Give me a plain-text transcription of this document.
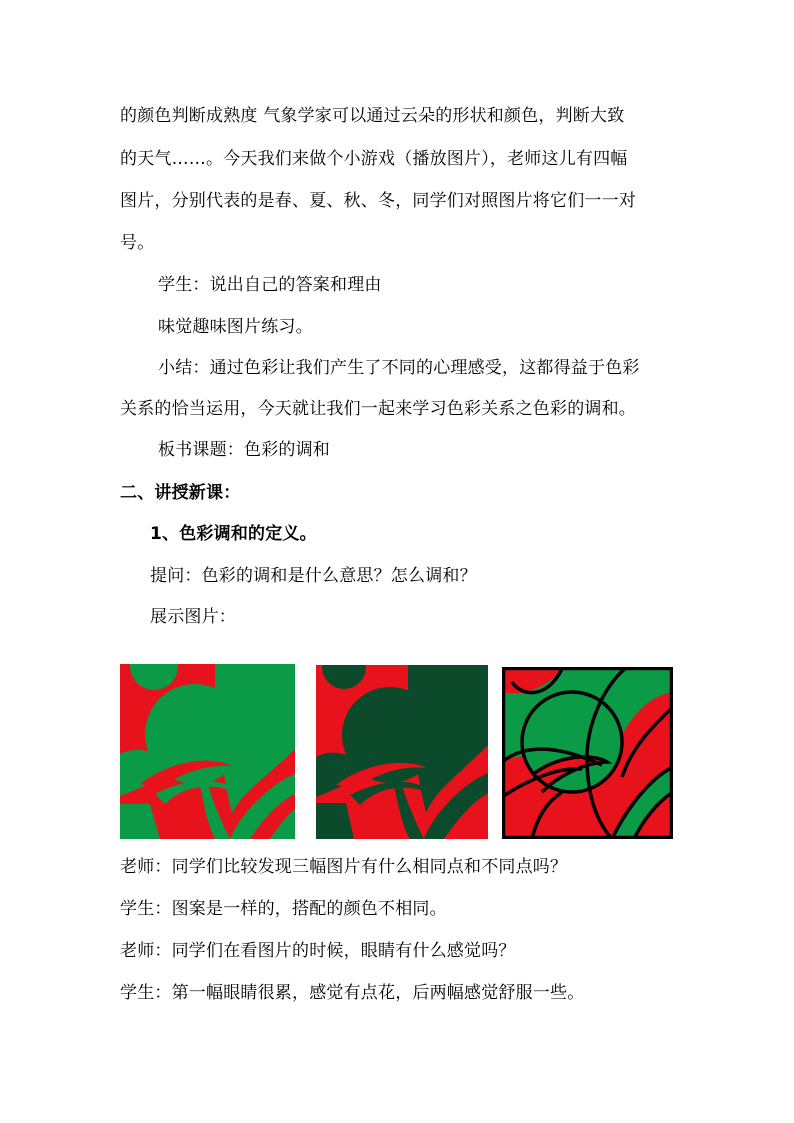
的颜色判断成熟度 气象学家可以通过云朵的形状和颜色，判断大致
的天气……。今天我们来做个小游戏（播放图片），老师这儿有四幅
图片，分别代表的是春、夏、秋、冬，同学们对照图片将它们一一对
号。
学生：说出自己的答案和理由
味觉趣味图片练习。
小结：通过色彩让我们产生了不同的心理感受，这都得益于色彩
关系的恰当运用，今天就让我们一起来学习色彩关系之色彩的调和。
板书课题：色彩的调和
二、讲授新课：
1、色彩调和的定义。
提问：色彩的调和是什么意思？怎么调和？
展示图片：
老师：同学们比较发现三幅图片有什么相同点和不同点吗？
学生：图案是一样的，搭配的颜色不相同。
老师：同学们在看图片的时候，眼睛有什么感觉吗？
学生：第一幅眼睛很累，感觉有点花，后两幅感觉舒服一些。
